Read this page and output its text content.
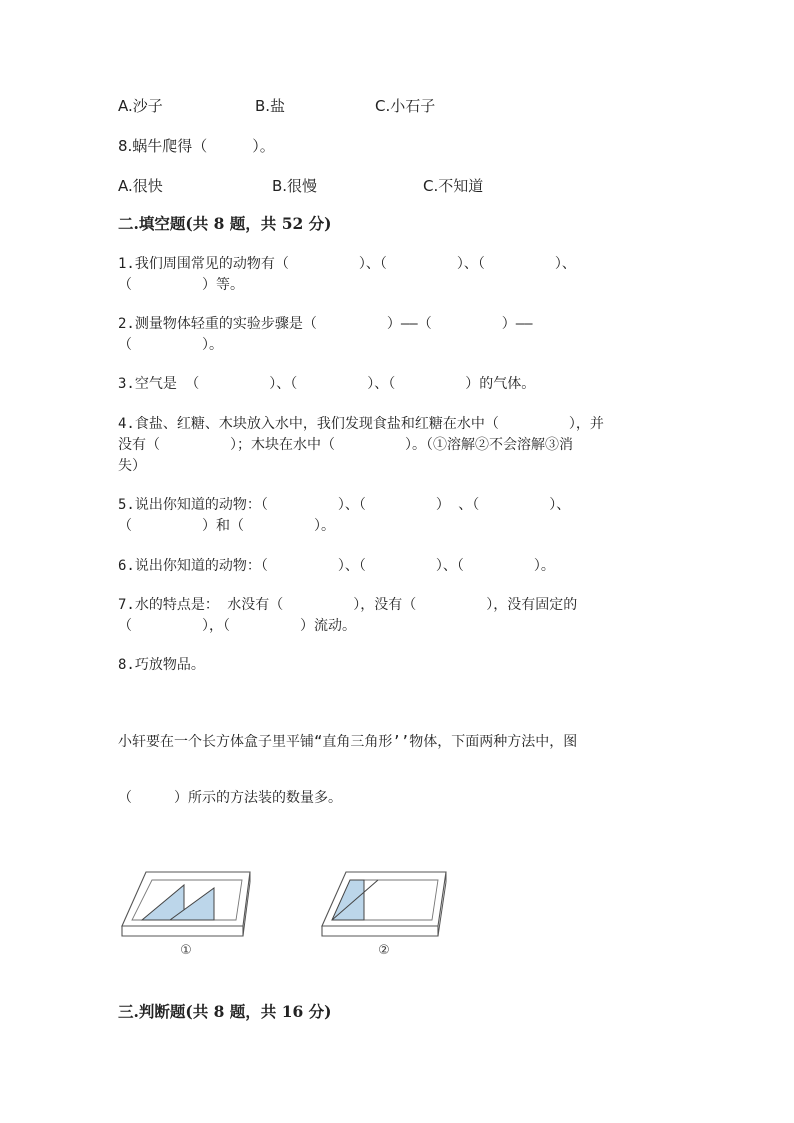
A.沙子	B.盐	C.小石子
8.蜗牛爬得（　　　）。
A.很快	B.很慢	C.不知道
二.填空题(共 8 题，共 52 分)
1.我们周围常见的动物有（　　　　　）、（　　　　　）、（　　　　　）、
（　　　　　）等。
2.测量物体轻重的实验步骤是（　　　　　）——（　　　　　）——
（　　　　　）。
3.空气是 （　　　　　）、（　　　　　）、（　　　　　）的气体。
4.食盐、红糖、木块放入水中，我们发现食盐和红糖在水中（　　　　　），并
没有（　　　　　）；木块在水中（　　　　　）。（①溶解②不会溶解③消
失）
5.说出你知道的动物：（　　　　　）、（　　　　　） 、（　　　　　）、
（　　　　　）和（　　　　　）。
6.说出你知道的动物：（　　　　　）、（　　　　　）、（　　　　　）。
7.水的特点是： 水没有（　　　　　），没有（　　　　　），没有固定的
（　　　　　），（　　　　　）流动。
8.巧放物品。
小轩要在一个长方体盒子里平铺“直角三角形’’物体，下面两种方法中，图
（　　　）所示的方法装的数量多。
①	②
三.判断题(共 8 题，共 16 分)
